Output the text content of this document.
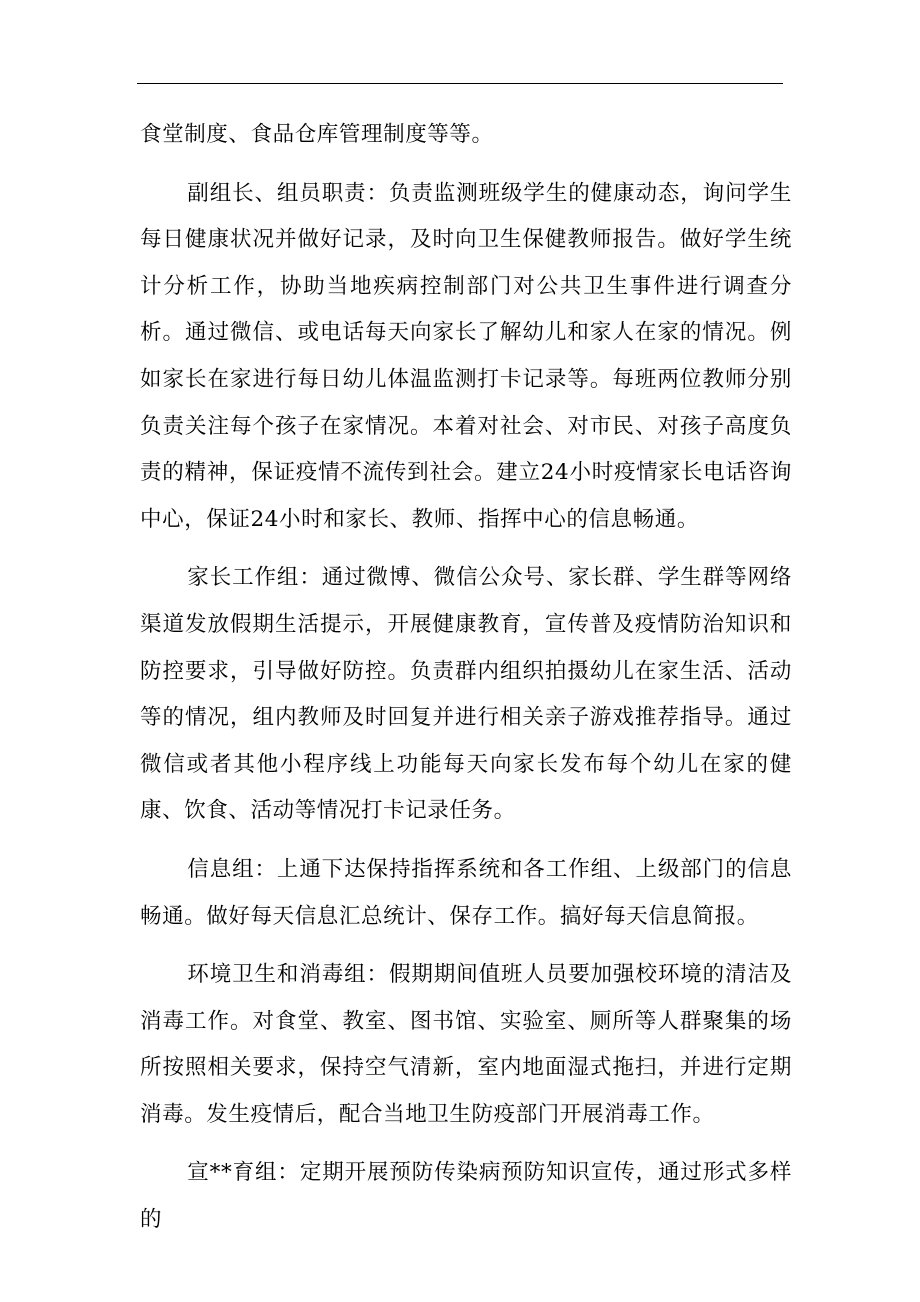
食堂制度、食品仓库管理制度等等。

副组长、组员职责：负责监测班级学生的健康动态，询问学生每日健康状况并做好记录，及时向卫生保健教师报告。做好学生统计分析工作，协助当地疾病控制部门对公共卫生事件进行调查分析。通过微信、或电话每天向家长了解幼儿和家人在家的情况。例如家长在家进行每日幼儿体温监测打卡记录等。每班两位教师分别负责关注每个孩子在家情况。本着对社会、对市民、对孩子高度负责的精神，保证疫情不流传到社会。建立24小时疫情家长电话咨询中心，保证24小时和家长、教师、指挥中心的信息畅通。

家长工作组：通过微博、微信公众号、家长群、学生群等网络渠道发放假期生活提示，开展健康教育，宣传普及疫情防治知识和防控要求，引导做好防控。负责群内组织拍摄幼儿在家生活、活动等的情况，组内教师及时回复并进行相关亲子游戏推荐指导。通过微信或者其他小程序线上功能每天向家长发布每个幼儿在家的健康、饮食、活动等情况打卡记录任务。

信息组：上通下达保持指挥系统和各工作组、上级部门的信息畅通。做好每天信息汇总统计、保存工作。搞好每天信息简报。

环境卫生和消毒组：假期期间值班人员要加强校环境的清洁及消毒工作。对食堂、教室、图书馆、实验室、厕所等人群聚集的场所按照相关要求，保持空气清新，室内地面湿式拖扫，并进行定期消毒。发生疫情后，配合当地卫生防疫部门开展消毒工作。

宣**育组：定期开展预防传染病预防知识宣传，通过形式多样的
